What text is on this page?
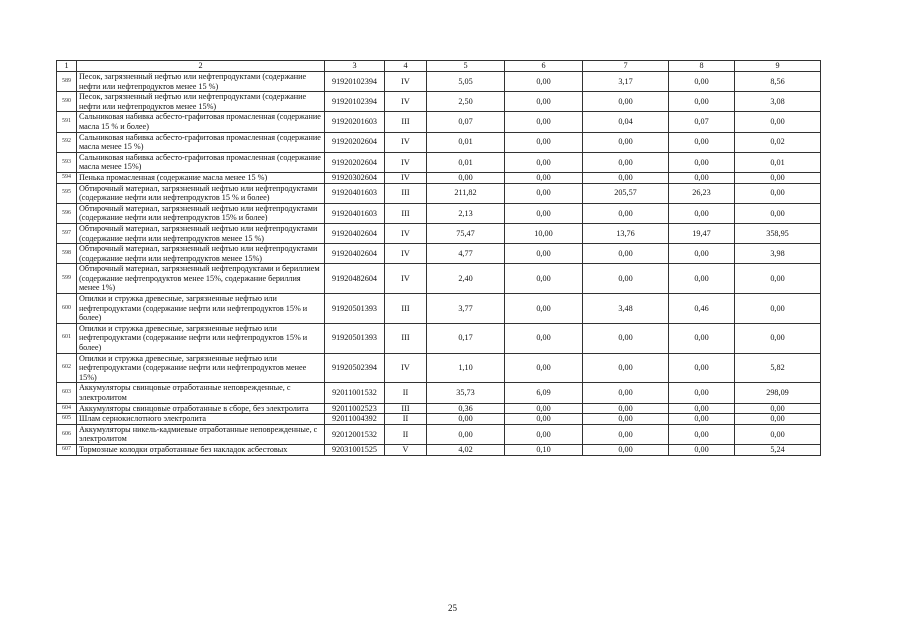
1	2	3	4	5	6	7	8	9
589	Песок, загрязненный нефтью или нефтепродуктами (содержание нефти или нефтепродуктов менее 15 %)	91920102394	IV	5,05	0,00	3,17	0,00	8,56
590	Песок, загрязненный нефтью или нефтепродуктами (содержание нефти или нефтепродуктов менее 15%)	91920102394	IV	2,50	0,00	0,00	0,00	3,08
591	Сальниковая набивка асбесто-графитовая промасленная (содержание масла 15 % и более)	91920201603	III	0,07	0,00	0,04	0,07	0,00
592	Сальниковая набивка асбесто-графитовая промасленная (содержание масла менее 15 %)	91920202604	IV	0,01	0,00	0,00	0,00	0,02
593	Сальниковая набивка асбесто-графитовая промасленная (содержание масла менее 15%)	91920202604	IV	0,01	0,00	0,00	0,00	0,01
594	Пенька промасленная (содержание масла менее 15 %)	91920302604	IV	0,00	0,00	0,00	0,00	0,00
595	Обтирочный материал, загрязненный нефтью или нефтепродуктами (содержание нефти или нефтепродуктов 15 % и более)	91920401603	III	211,82	0,00	205,57	26,23	0,00
596	Обтирочный материал, загрязненный нефтью или нефтепродуктами (содержание нефти или нефтепродуктов 15% и более)	91920401603	III	2,13	0,00	0,00	0,00	0,00
597	Обтирочный материал, загрязненный нефтью или нефтепродуктами (содержание нефти или нефтепродуктов менее 15 %)	91920402604	IV	75,47	10,00	13,76	19,47	358,95
598	Обтирочный материал, загрязненный нефтью или нефтепродуктами (содержание нефти или нефтепродуктов менее 15%)	91920402604	IV	4,77	0,00	0,00	0,00	3,98
599	Обтирочный материал, загрязненный нефтепродуктами и бериллием (содержание нефтепродуктов менее 15%, содержание бериллия менее 1%)	91920482604	IV	2,40	0,00	0,00	0,00	0,00
600	Опилки и стружка древесные, загрязненные нефтью или нефтепродуктами (содержание нефти или нефтепродуктов 15% и более)	91920501393	III	3,77	0,00	3,48	0,46	0,00
601	Опилки и стружка древесные, загрязненные нефтью или нефтепродуктами (содержание нефти или нефтепродуктов 15% и более)	91920501393	III	0,17	0,00	0,00	0,00	0,00
602	Опилки и стружка древесные, загрязненные нефтью или нефтепродуктами (содержание нефти или нефтепродуктов менее 15%)	91920502394	IV	1,10	0,00	0,00	0,00	5,82
603	Аккумуляторы свинцовые отработанные неповрежденные, с электролитом	92011001532	II	35,73	6,09	0,00	0,00	298,09
604	Аккумуляторы свинцовые отработанные в сборе, без электролита	92011002523	III	0,36	0,00	0,00	0,00	0,00
605	Шлам сернокислотного электролита	92011004392	II	0,00	0,00	0,00	0,00	0,00
606	Аккумуляторы никель-кадмиевые отработанные неповрежденные, с электролитом	92012001532	II	0,00	0,00	0,00	0,00	0,00
607	Тормозные колодки отработанные без накладок асбестовых	92031001525	V	4,02	0,10	0,00	0,00	5,24
25
